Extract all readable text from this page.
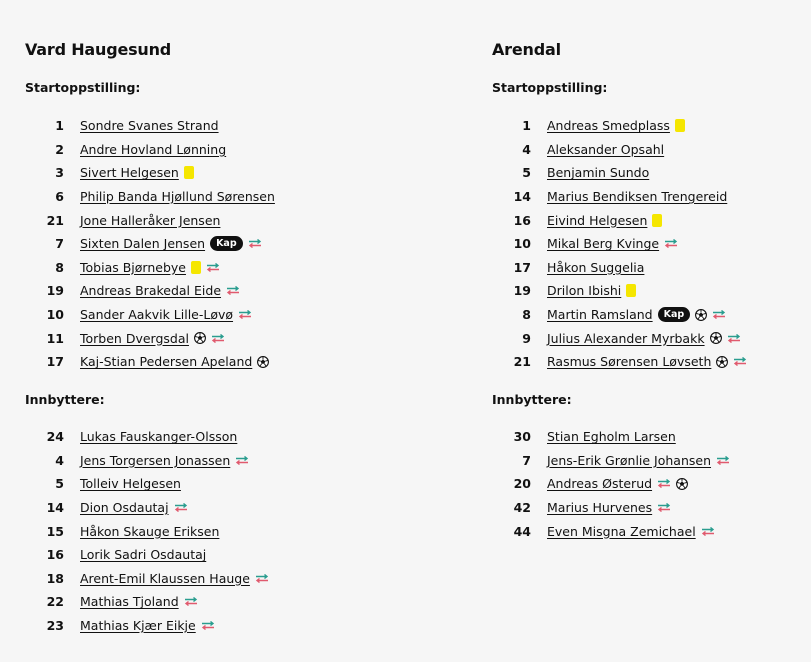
Vard Haugesund
Startoppstilling:
1 Sondre Svanes Strand
2 Andre Hovland Lønning
3 Sivert Helgesen
6 Philip Banda Hjøllund Sørensen
21 Jone Halleråker Jensen
7 Sixten Dalen Jensen	Kap
8 Tobias Bjørnebye
19 Andreas Brakedal Eide
10 Sander Aakvik Lille-Løvø
11 Torben Dvergsdal
17 Kaj-Stian Pedersen Apeland
Innbyttere:
24 Lukas Fauskanger-Olsson
4 Jens Torgersen Jonassen
5 Tolleiv Helgesen
14 Dion Osdautaj
15 Håkon Skauge Eriksen
16 Lorik Sadri Osdautaj
18 Arent-Emil Klaussen Hauge
22 Mathias Tjoland
23 Mathias Kjær Eikje
Arendal
Startoppstilling:
1 Andreas Smedplass
4 Aleksander Opsahl
5 Benjamin Sundo
14 Marius Bendiksen Trengereid
16 Eivind Helgesen
10 Mikal Berg Kvinge
17 Håkon Suggelia
19 Drilon Ibishi
8 Martin Ramsland	Kap
9 Julius Alexander Myrbakk
21 Rasmus Sørensen Løvseth
Innbyttere:
30 Stian Egholm Larsen
7 Jens-Erik Grønlie Johansen
20 Andreas Østerud
42 Marius Hurvenes
44 Even Misgna Zemichael
